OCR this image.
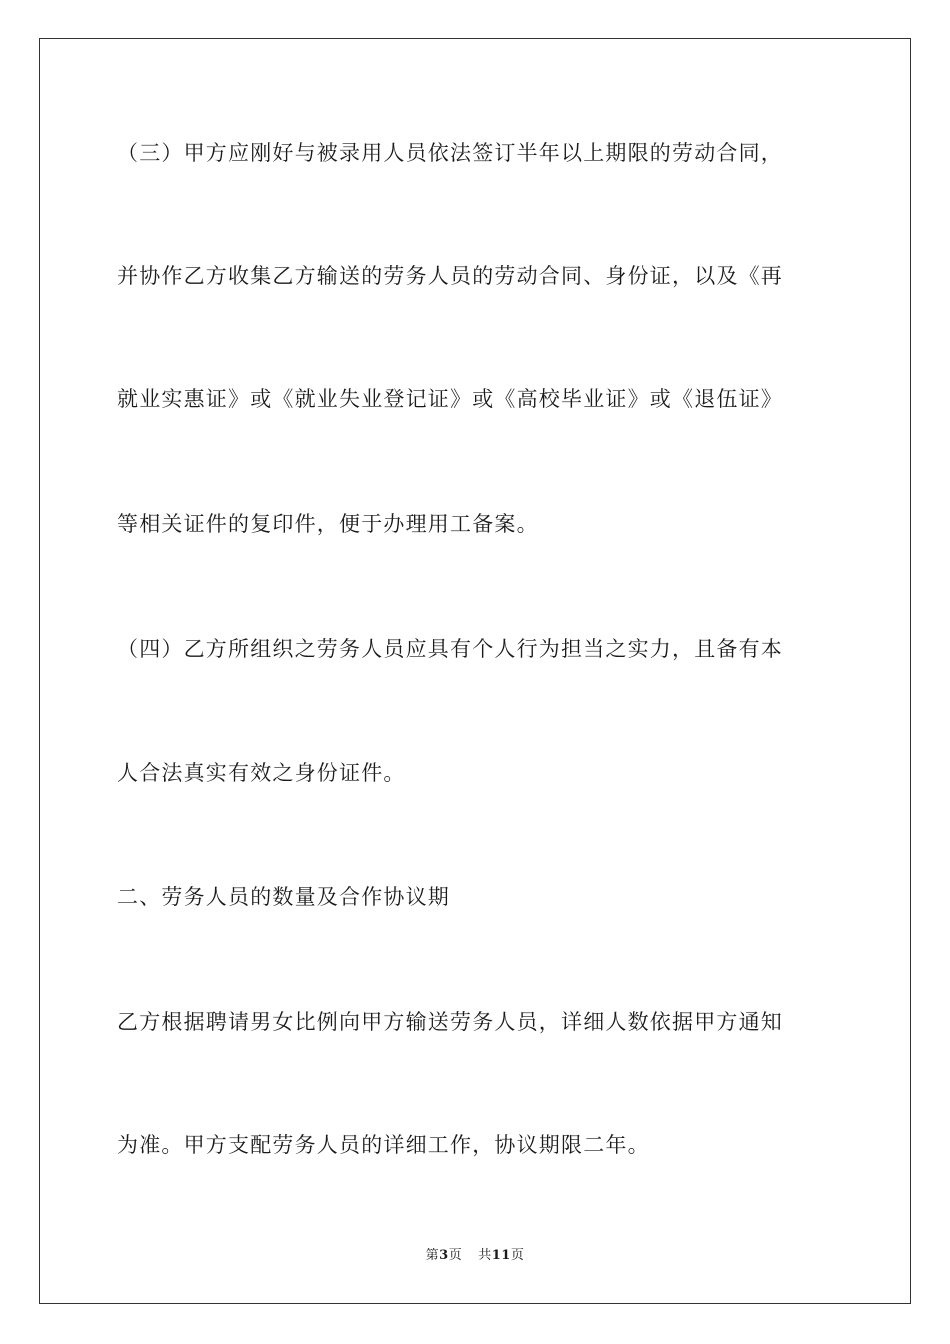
（三）甲方应刚好与被录用人员依法签订半年以上期限的劳动合同，
并协作乙方收集乙方输送的劳务人员的劳动合同、身份证，以及《再
就业实惠证》或《就业失业登记证》或《高校毕业证》或《退伍证》
等相关证件的复印件，便于办理用工备案。
（四）乙方所组织之劳务人员应具有个人行为担当之实力，且备有本
人合法真实有效之身份证件。
二、劳务人员的数量及合作协议期
乙方根据聘请男女比例向甲方输送劳务人员，详细人数依据甲方通知
为准。甲方支配劳务人员的详细工作，协议期限二年。
第3页 共11页
